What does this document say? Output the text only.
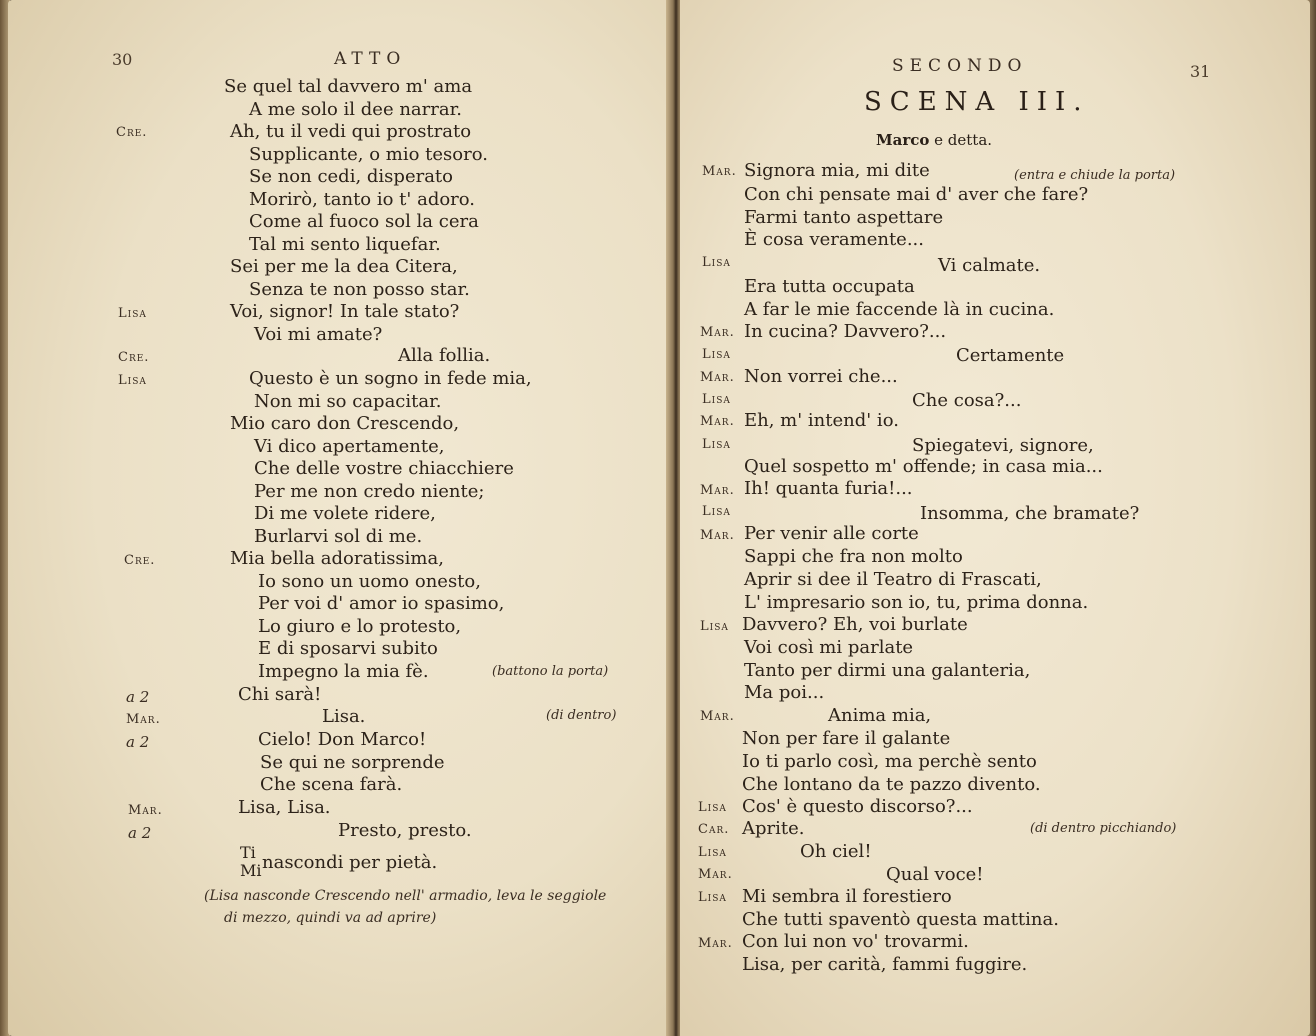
30	ATTO
Se quel tal davvero m' ama
A me solo il dee narrar.
Cre.	Ah, tu il vedi qui prostrato
Supplicante, o mio tesoro.
Se non cedi, disperato
Morirò, tanto io t' adoro.
Come al fuoco sol la cera
Tal mi sento liquefar.
Sei per me la dea Citera,
Senza te non posso star.
Lisa	Voi, signor! In tale stato?
Voi mi amate?
Cre.	Alla follia.
Lisa	Questo è un sogno in fede mia,
Non mi so capacitar.
Mio caro don Crescendo,
Vi dico apertamente,
Che delle vostre chiacchiere
Per me non credo niente;
Di me volete ridere,
Burlarvi sol di me.
Cre.	Mia bella adoratissima,
Io sono un uomo onesto,
Per voi d' amor io spasimo,
Lo giuro e lo protesto,
E di sposarvi subito
Impegno la mia fè.	(battono la porta)
a 2	Chi sarà!
Mar.	Lisa.	(di dentro)
a 2	Cielo! Don Marco!
Se qui ne sorprende
Che scena farà.
Mar.	Lisa, Lisa.
a 2	Presto, presto.
Ti
Mi nascondi per pietà.
(Lisa nasconde Crescendo nell' armadio, leva le seggiole
di mezzo, quindi va ad aprire)
SECONDO	31
SCENA III.
Marco e detta.
Mar. Signora mia, mi dite	(entra e chiude la porta)
Con chi pensate mai d' aver che fare?
Farmi tanto aspettare
È cosa veramente...
Lisa	Vi calmate.
Era tutta occupata
A far le mie faccende là in cucina.
Mar. In cucina? Davvero?...
Lisa	Certamente
Mar. Non vorrei che...
Lisa	Che cosa?...
Mar. Eh, m' intend' io.
Lisa	Spiegatevi, signore,
Quel sospetto m' offende; in casa mia...
Mar. Ih! quanta furia!...
Lisa	Insomma, che bramate?
Mar. Per venir alle corte
Sappi che fra non molto
Aprir si dee il Teatro di Frascati,
L' impresario son io, tu, prima donna.
Lisa Davvero? Eh, voi burlate
Voi così mi parlate
Tanto per dirmi una galanteria,
Ma poi...
Mar.	Anima mia,
Non per fare il galante
Io ti parlo così, ma perchè sento
Che lontano da te pazzo divento.
Lisa Cos' è questo discorso?...
Car. Aprite.	(di dentro picchiando)
Lisa	Oh ciel!
Mar.	Qual voce!
Lisa Mi sembra il forestiero
Che tutti spaventò questa mattina.
Mar. Con lui non vo' trovarmi.
Lisa, per carità, fammi fuggire.
